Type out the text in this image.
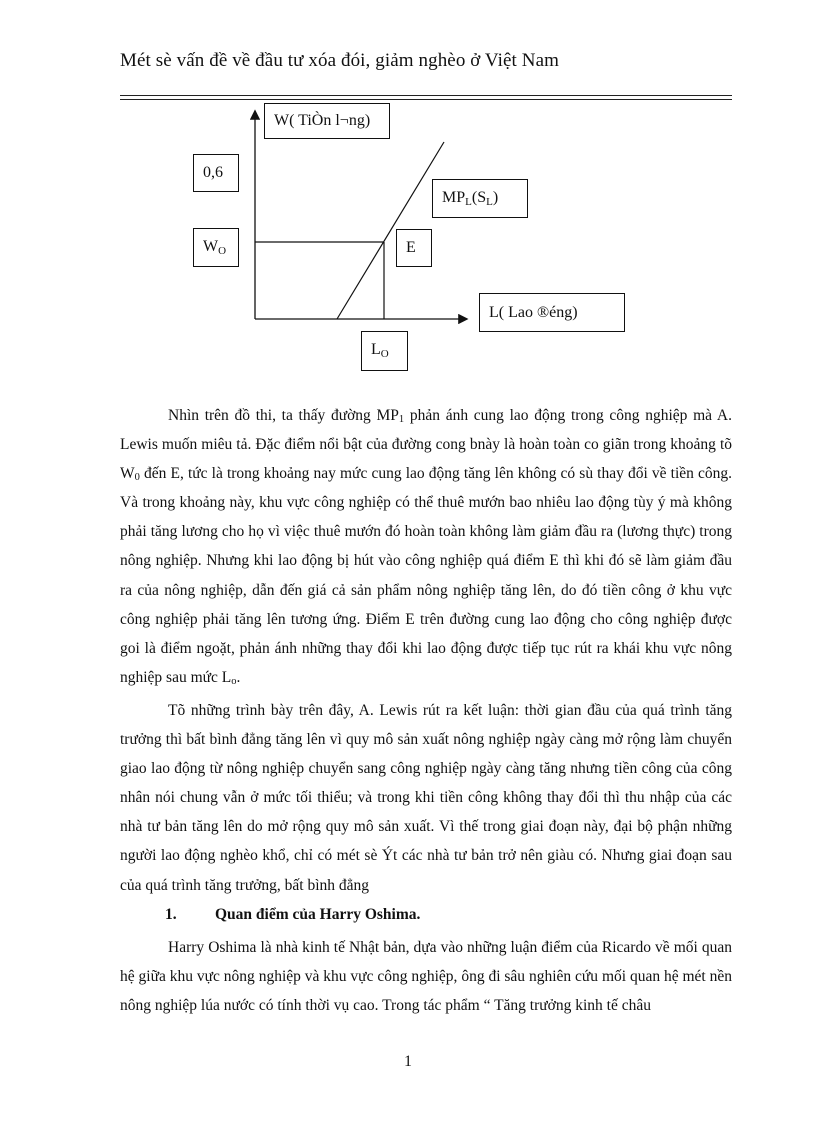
Mét sè vấn đề về đầu tư xóa đói, giảm nghèo ở Việt Nam
W( TiÒn l¬ng)
0,6
$MP_L(S_L)$
$W_O$	E
L( Lao ®éng)
$L_O$

Nhìn trên đồ thi, ta thấy đường MP1 phản ánh cung lao động trong công nghiệp mà A. Lewis muốn miêu tả. Đặc điểm nổi bật của đường cong bnày là hoàn toàn co giãn trong khoảng tõ W0 đến E, tức là trong khoảng nay mức cung lao động tăng lên không có sù thay đổi về tiền công. Và trong khoảng này, khu vực công nghiệp có thể thuê mướn bao nhiêu lao động tùy ý mà không phải tăng lương cho họ vì việc thuê mướn đó hoàn toàn không làm giảm đầu ra (lương thực) trong nông nghiệp. Nhưng khi lao động bị hút vào công nghiệp quá điểm E thì khi đó sẽ làm giảm đầu ra của nông nghiệp, dẫn đến giá cả sản phẩm nông nghiệp tăng lên, do đó tiền công ở khu vực công nghiệp phải tăng lên tương ứng. Điểm E trên đường cung lao động cho công nghiệp được goi là điểm ngoặt, phản ánh những thay đổi khi lao động được tiếp tục rút ra khái khu vực nông nghiệp sau mức Lo.

Tõ những trình bày trên đây, A. Lewis rút ra kết luận: thời gian đầu của quá trình tăng trưởng thì bất bình đẳng tăng lên vì quy mô sản xuất nông nghiệp ngày càng mở rộng làm chuyển giao lao động từ nông nghiệp chuyển sang công nghiệp ngày càng tăng nhưng tiền công của công nhân nói chung vẫn ở mức tối thiểu; và trong khi tiền công không thay đổi thì thu nhập của các nhà tư bản tăng lên do mở rộng quy mô sản xuất. Vì thế trong giai đoạn này, đại bộ phận những người lao động nghèo khổ, chỉ có mét sè Ýt các nhà tư bản trở nên giàu có. Nhưng giai đoạn sau của quá trình tăng trưởng, bất bình đẳng

1. Quan điểm của Harry Oshima.

Harry Oshima là nhà kinh tế Nhật bản, dựa vào những luận điểm của Ricardo về mối quan hệ giữa khu vực nông nghiệp và khu vực công nghiệp, ông đi sâu nghiên cứu mối quan hệ mét nền nông nghiệp lúa nước có tính thời vụ cao. Trong tác phẩm “ Tăng trưởng kinh tế châu

1
